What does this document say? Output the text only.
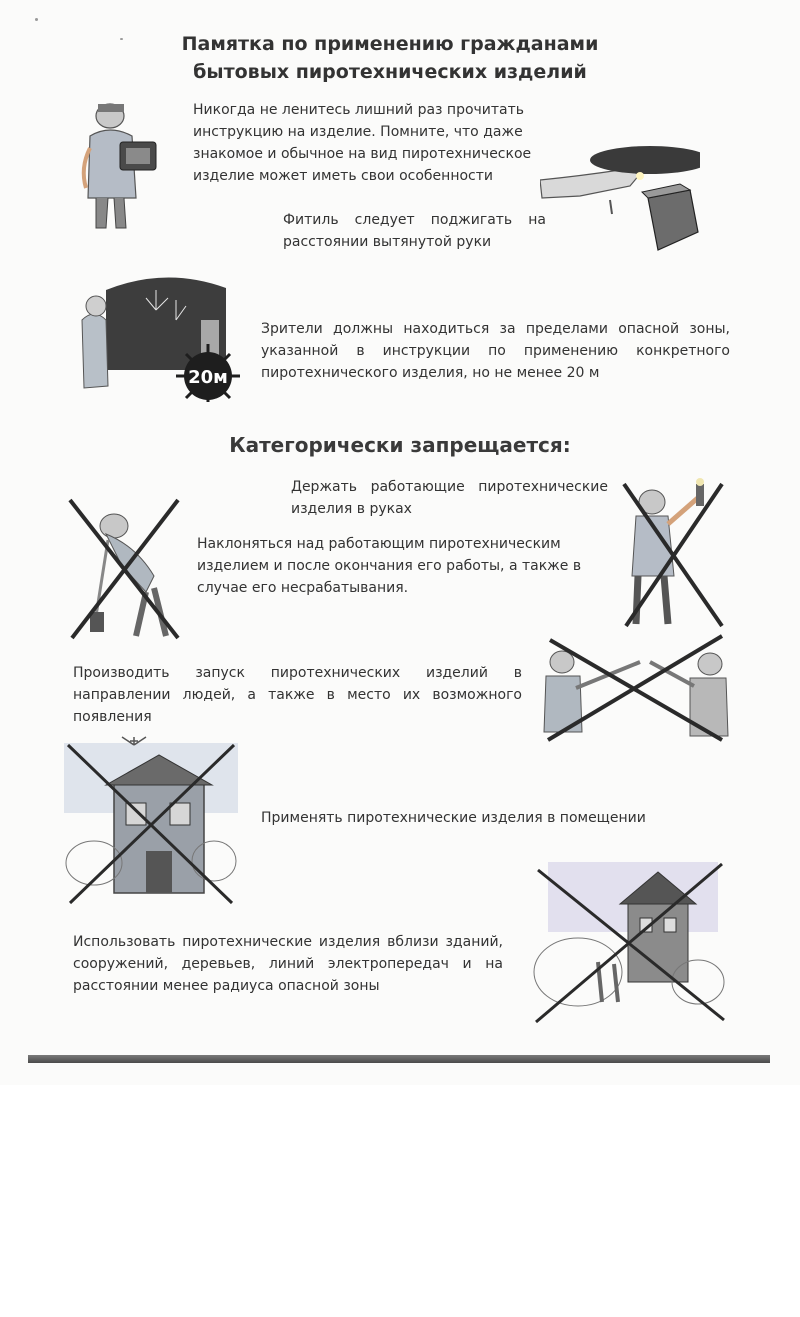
Памятка по применению гражданами
бытовых пиротехнических изделий
Никогда не ленитесь лишний раз прочитать инструкцию на изделие. Помните, что даже знакомое и обычное на вид пиротехническое изделие может иметь свои особенности
Фитиль следует поджигать на расстоянии вытянутой руки
20м
Зрители должны находиться за пределами опасной зоны, указанной в инструкции по применению конкретного пиротехнического изделия, но не менее 20 м
Категорически запрещается:
Держать работающие пиротехнические изделия в руках
Наклоняться над работающим пиротехническим изделием и после окончания его работы, а также в случае его несрабатывания.
Производить запуск пиротехнических изделий в направлении людей, а также в место их возможного появления
Применять пиротехнические изделия в помещении
Использовать пиротехнические изделия вблизи зданий, сооружений, деревьев, линий электропередач и на расстоянии менее радиуса опасной зоны
